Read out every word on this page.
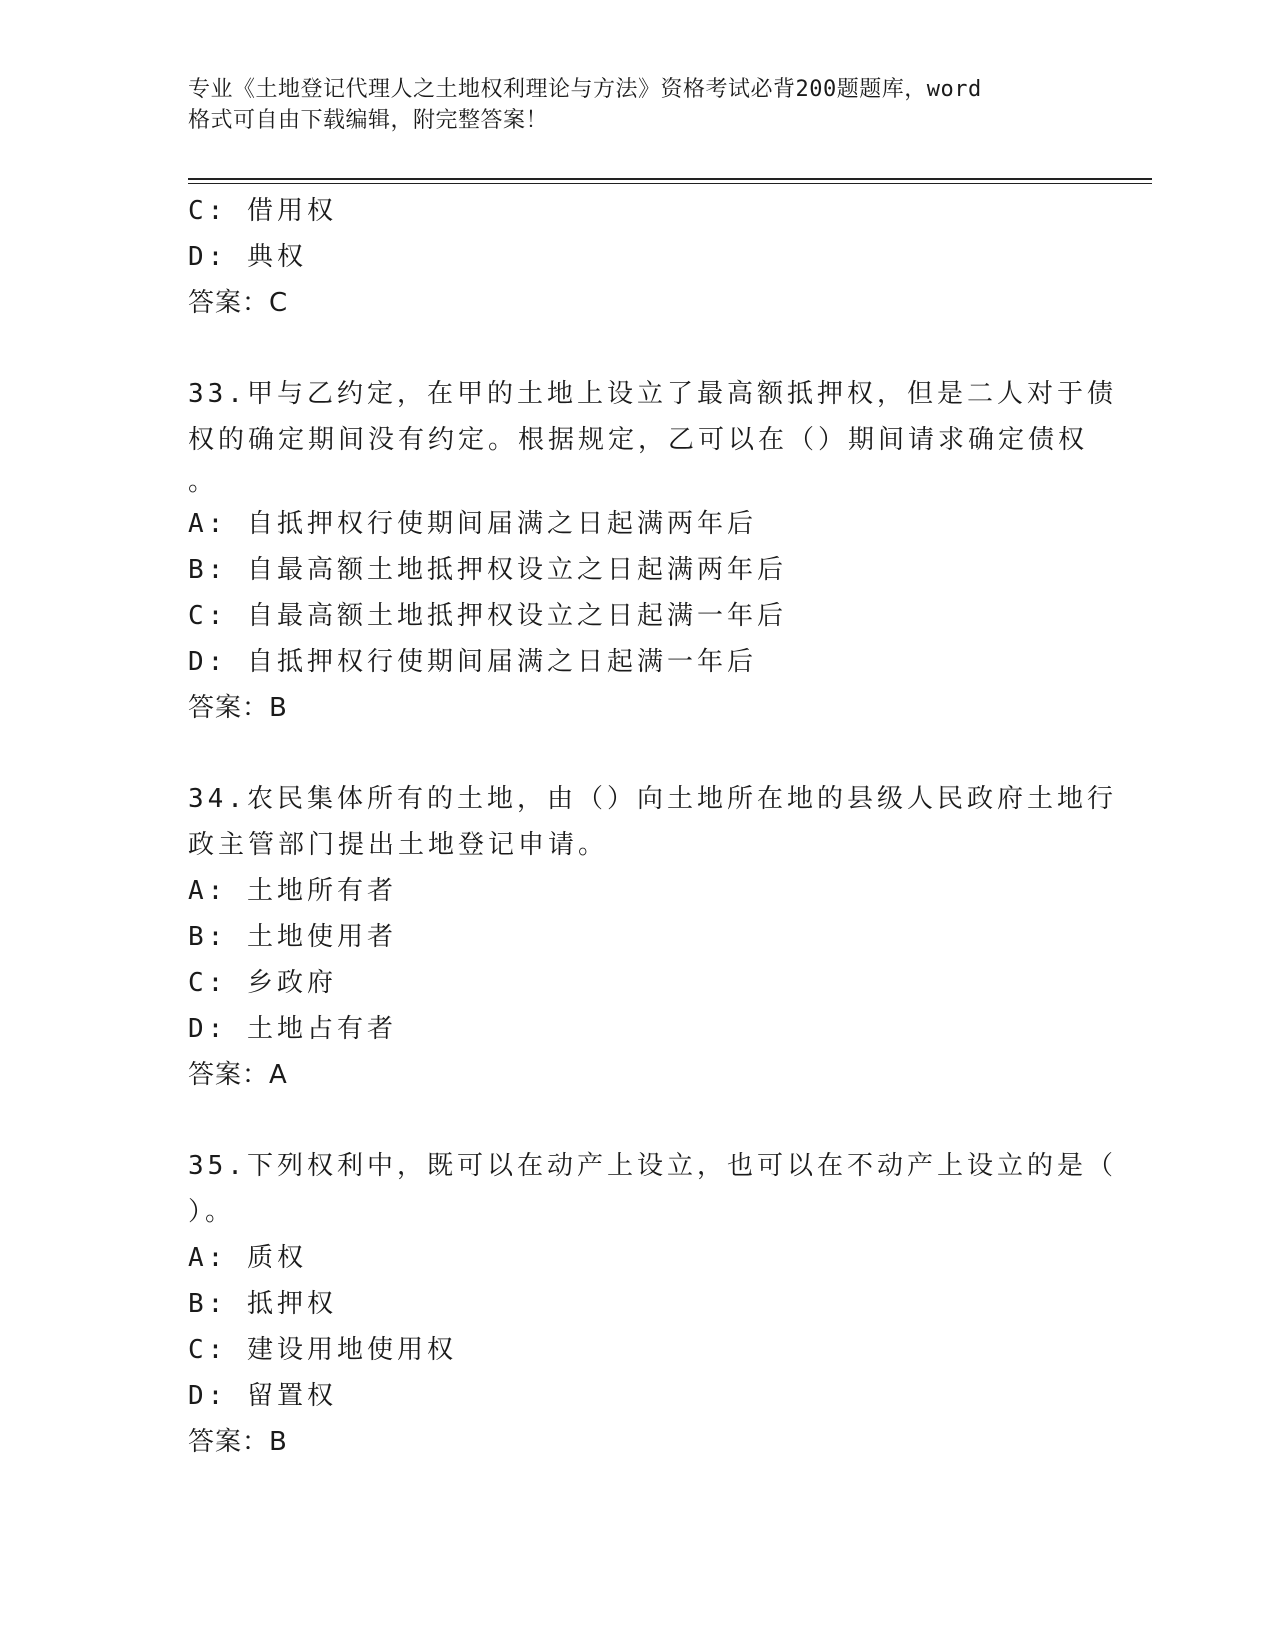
专业《土地登记代理人之土地权利理论与方法》资格考试必背200题题库，word
格式可自由下载编辑，附完整答案！
C: 借用权
D: 典权
答案：C
33.甲与乙约定，在甲的土地上设立了最高额抵押权，但是二人对于债
权的确定期间没有约定。根据规定，乙可以在（）期间请求确定债权
。
A: 自抵押权行使期间届满之日起满两年后
B: 自最高额土地抵押权设立之日起满两年后
C: 自最高额土地抵押权设立之日起满一年后
D: 自抵押权行使期间届满之日起满一年后
答案：B
34.农民集体所有的土地，由（）向土地所在地的县级人民政府土地行
政主管部门提出土地登记申请。
A: 土地所有者
B: 土地使用者
C: 乡政府
D: 土地占有者
答案：A
35.下列权利中，既可以在动产上设立，也可以在不动产上设立的是（
）。
A: 质权
B: 抵押权
C: 建设用地使用权
D: 留置权
答案：B
